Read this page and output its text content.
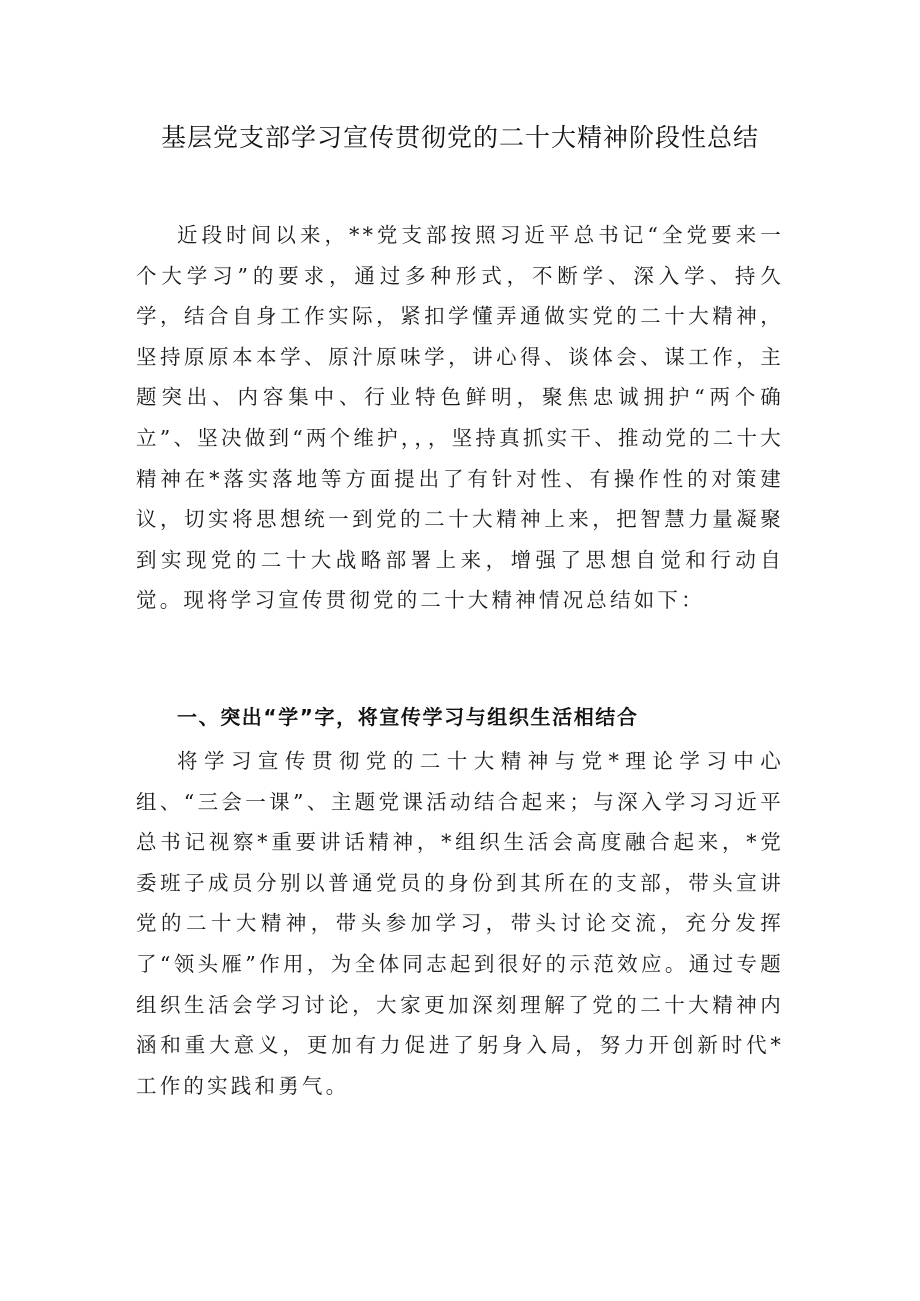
基层党支部学习宣传贯彻党的二十大精神阶段性总结

近段时间以来，**党支部按照习近平总书记“全党要来一个大学习”的要求，通过多种形式，不断学、深入学、持久学，结合自身工作实际，紧扣学懂弄通做实党的二十大精神，坚持原原本本学、原汁原味学，讲心得、谈体会、谋工作，主题突出、内容集中、行业特色鲜明，聚焦忠诚拥护“两个确立”、坚决做到“两个维护，，，坚持真抓实干、推动党的二十大精神在*落实落地等方面提出了有针对性、有操作性的对策建议，切实将思想统一到党的二十大精神上来，把智慧力量凝聚到实现党的二十大战略部署上来，增强了思想自觉和行动自觉。现将学习宣传贯彻党的二十大精神情况总结如下：

一、突出“学”字，将宣传学习与组织生活相结合

将学习宣传贯彻党的二十大精神与党*理论学习中心组、“三会一课”、主题党课活动结合起来；与深入学习习近平总书记视察*重要讲话精神，*组织生活会高度融合起来，*党委班子成员分别以普通党员的身份到其所在的支部，带头宣讲党的二十大精神，带头参加学习，带头讨论交流，充分发挥了“领头雁”作用，为全体同志起到很好的示范效应。通过专题组织生活会学习讨论，大家更加深刻理解了党的二十大精神内涵和重大意义，更加有力促进了躬身入局，努力开创新时代*工作的实践和勇气。
